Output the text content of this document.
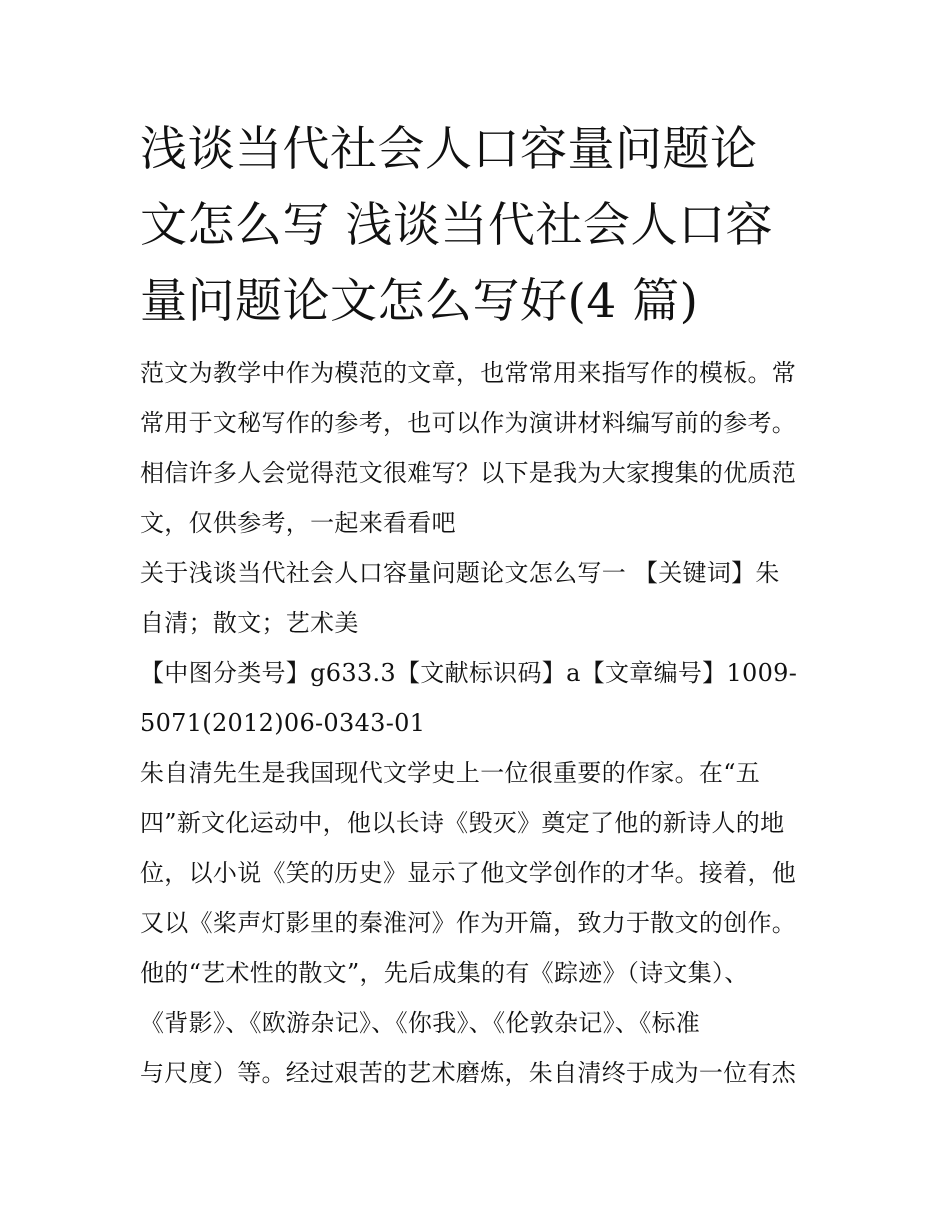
浅谈当代社会人口容量问题论
文怎么写 浅谈当代社会人口容
量问题论文怎么写好(4 篇)

范文为教学中作为模范的文章，也常常用来指写作的模板。常
常用于文秘写作的参考，也可以作为演讲材料编写前的参考。
相信许多人会觉得范文很难写？以下是我为大家搜集的优质范
文，仅供参考，一起来看看吧

关于浅谈当代社会人口容量问题论文怎么写一 【关键词】朱
自清；散文；艺术美

【中图分类号】g633.3【文献标识码】a【文章编号】1009-
5071(2012)06-0343-01

朱自清先生是我国现代文学史上一位很重要的作家。在“五
四”新文化运动中，他以长诗《毁灭》奠定了他的新诗人的地
位，以小说《笑的历史》显示了他文学创作的才华。接着，他
又以《桨声灯影里的秦淮河》作为开篇，致力于散文的创作。
他的“艺术性的散文”，先后成集的有《踪迹》（诗文集）、
《背影》、《欧游杂记》、《你我》、《伦敦杂记》、《标准
与尺度）等。经过艰苦的艺术磨炼，朱自清终于成为一位有杰
